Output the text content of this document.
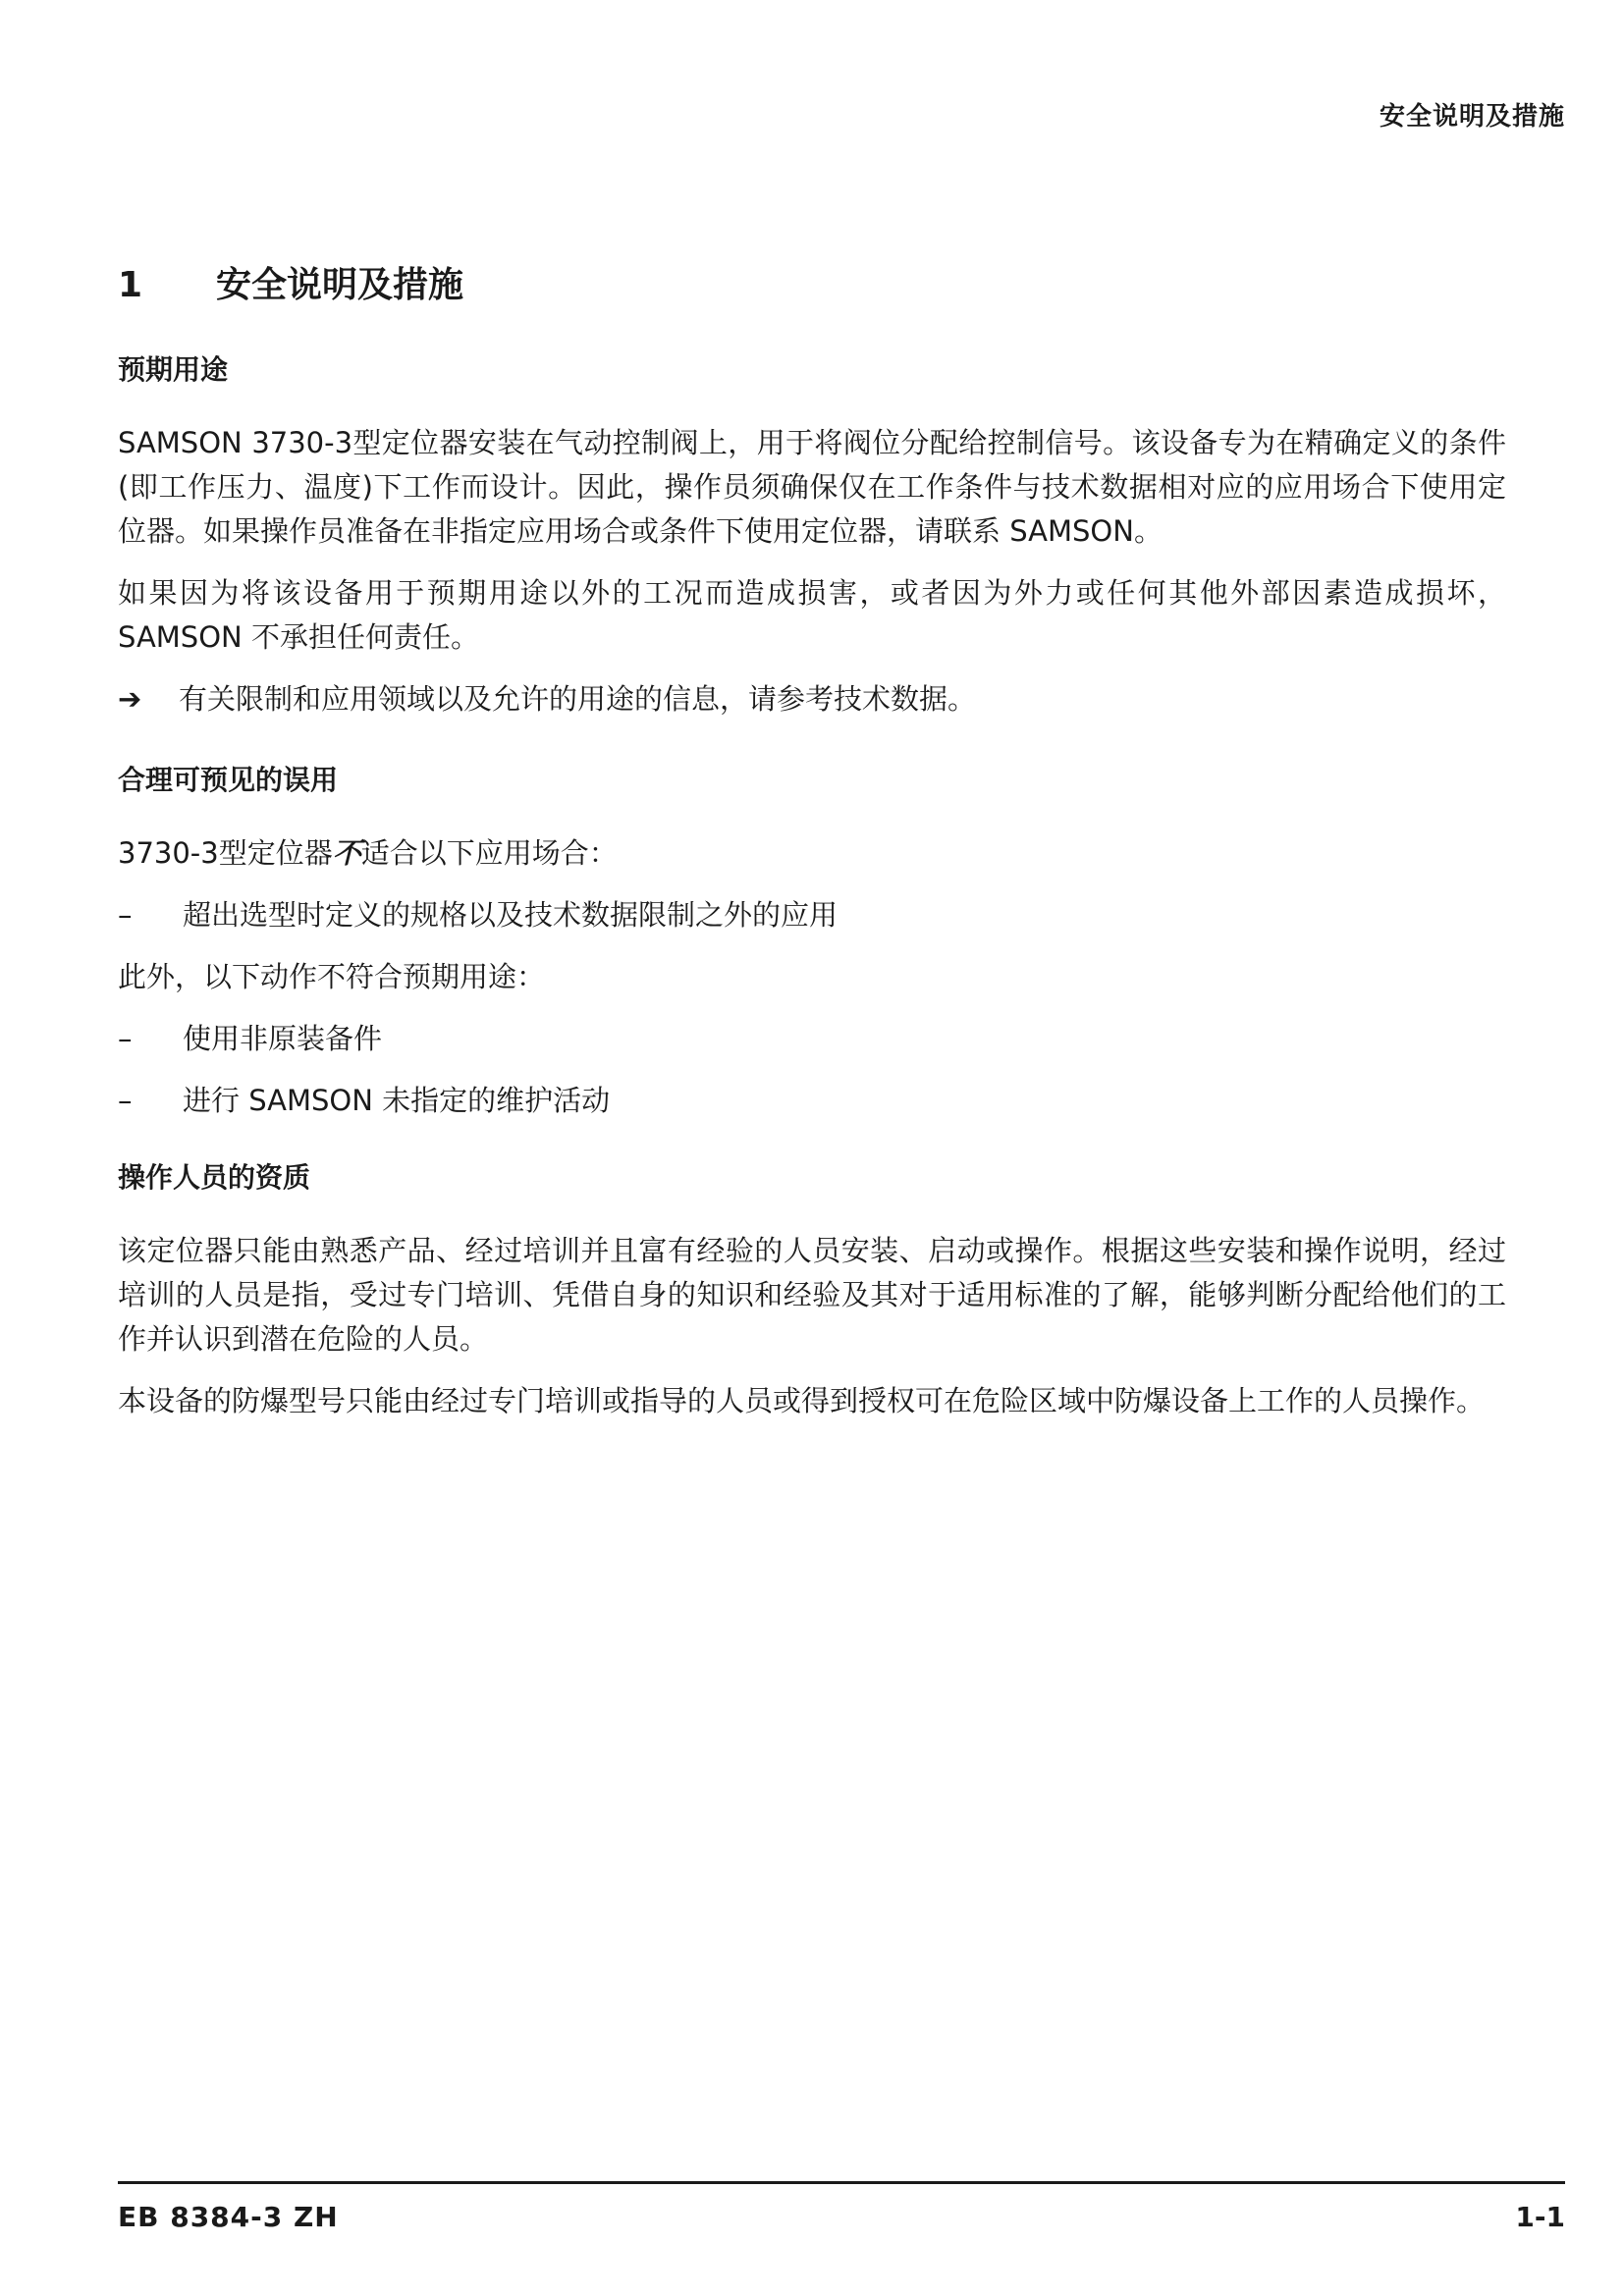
安全说明及措施
1	安全说明及措施
预期用途

SAMSON 3730-3型定位器安装在气动控制阀上，用于将阀位分配给控制信号。该设备专为在精确定义的条件(即工作压力、温度)下工作而设计。因此，操作员须确保仅在工作条件与技术数据相对应的应用场合下使用定位器。如果操作员准备在非指定应用场合或条件下使用定位器，请联系 SAMSON。

如果因为将该设备用于预期用途以外的工况而造成损害，或者因为外力或任何其他外部因素造成损坏，SAMSON 不承担任何责任。

➔	有关限制和应用领域以及允许的用途的信息，请参考技术数据。
合理可预见的误用

3730-3型定位器不适合以下应用场合：

–	超出选型时定义的规格以及技术数据限制之外的应用

此外，以下动作不符合预期用途：

–	使用非原装备件
–	进行 SAMSON 未指定的维护活动
操作人员的资质

该定位器只能由熟悉产品、经过培训并且富有经验的人员安装、启动或操作。根据这些安装和操作说明，经过培训的人员是指，受过专门培训、凭借自身的知识和经验及其对于适用标准的了解，能够判断分配给他们的工作并认识到潜在危险的人员。

本设备的防爆型号只能由经过专门培训或指导的人员或得到授权可在危险区域中防爆设备上工作的人员操作。

EB 8384-3 ZH	1-1
